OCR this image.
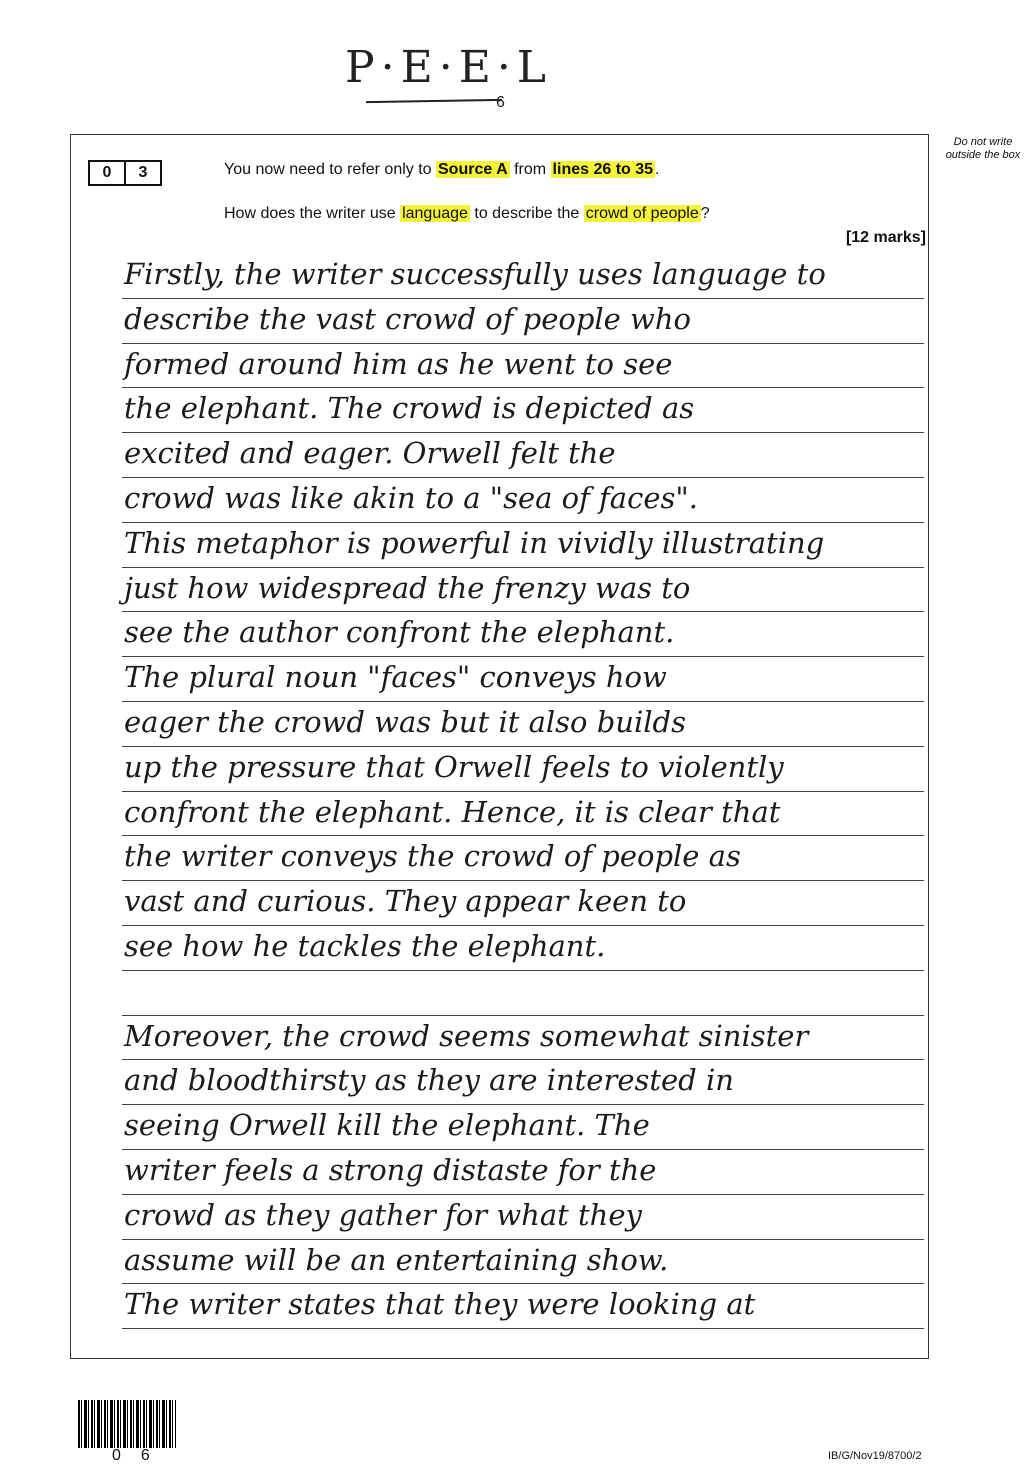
P·E·E·L
6
Do not write outside the box
0	3	You now need to refer only to Source A from lines 26 to 35 .
How does the writer use language to describe the crowd of people ?
[12 marks]
Firstly, the writer successfully uses language to
describe the vast crowd of people who
formed around him as he went to see
the elephant. The crowd is depicted as
excited and eager. Orwell felt the
crowd was like akin to a "sea of faces".
This metaphor is powerful in vividly illustrating
just how widespread the frenzy was to
see the author confront the elephant.
The plural noun "faces" conveys how
eager the crowd was but it also builds
up the pressure that Orwell feels to violently
confront the elephant. Hence, it is clear that
the writer conveys the crowd of people as
vast and curious. They appear keen to
see how he tackles the elephant.
Moreover, the crowd seems somewhat sinister
and bloodthirsty as they are interested in
seeing Orwell kill the elephant. The
writer feels a strong distaste for the
crowd as they gather for what they
assume will be an entertaining show.
The writer states that they were looking at
06	IB/G/Nov19/8700/2
